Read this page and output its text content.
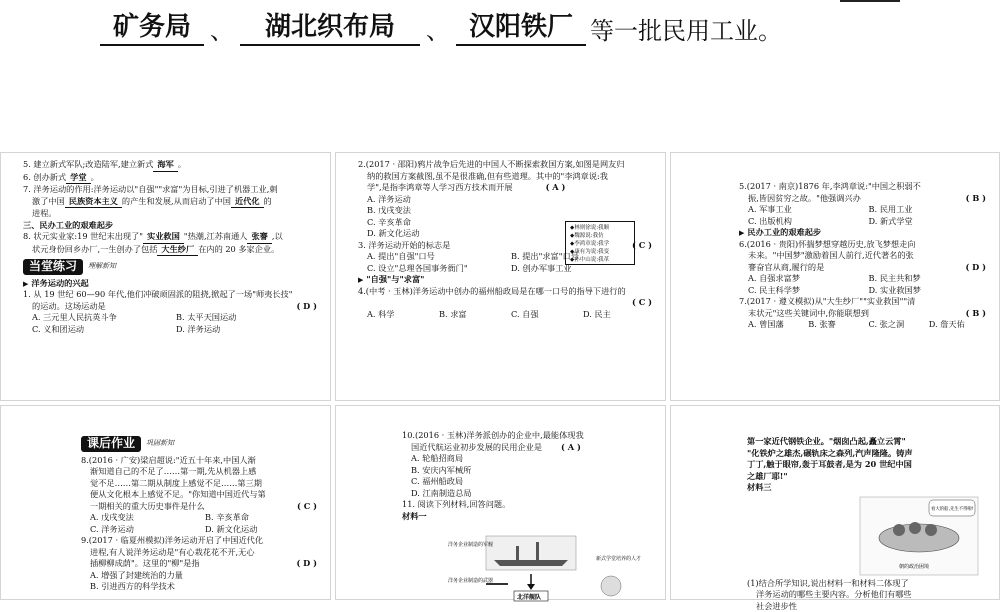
矿务局 、	湖北织布局	、 汉阳铁厂 等一批民用工业。
5. 建立新式军队;改造陆军,建立新式 海军 。
6. 创办新式 学堂 。
7. 洋务运动的作用:洋务运动以"自强""求富"为目标,引进了机器工业,刺
激了中国 民族资本主义 的产生和发展,从而启动了中国 近代化 的
进程。
三、民办工业的艰难起步
8. 状元实业家:19 世纪末出现了" 实业救国 "热潮,江苏南通人 张謇 ,以
状元身份回乡办厂,一生创办了包括 大生纱厂 在内的 20 多家企业。
当堂练习	理解新知
▶ 洋务运动的兴起
1. 从 19 世纪 60—90 年代,他们冲破顽固派的阻挠,掀起了一场"师夷长技"
的运动。这场运动是	( D )
A. 三元里人民抗英斗争	B. 太平天国运动
C. 义和团运动	D. 洋务运动
2.(2017 · 邵阳)鸦片战争后先进的中国人不断探索救国方案,如图是网友归
纳的救国方案截图,虽不是很准确,但有些道理。其中的"李鸿章说:我
学",是指李鸿章等人学习西方技术而开展	( A )
A. 洋务运动
B. 戊戌变法
C. 辛亥革命
D. 新文化运动	◆林则徐说:我顺
◆魏源说:我仿
◆李鸿章说:我学
◆康有为说:我变
◆孙中山说:我革
3. 洋务运动开始的标志是	( C )
A. 提出"自强"口号	B. 提出"求富"口号
C. 设立"总理各国事务衙门"	D. 创办军事工业
▶ "自强"与"求富"
4.(中考 · 玉林)洋务运动中创办的福州船政局是在哪一口号的指导下进行的
( C )

A. 科学	B. 求富	C. 自强	D. 民主
5.(2017 · 南京)1876 年,李鸿章说:"中国之积弱不
振,皆因贫穷之故。"他强调兴办	( B )
A. 军事工业	B. 民用工业
C. 出版机构	D. 新式学堂
▶ 民办工业的艰难起步
6.(2016 · 贵阳)怀揣梦想穿越历史,放飞梦想走向
未来。"中国梦"激励着国人前行,近代著名的张
謇奋官从商,履行的是	( D )
A. 自强求富梦	B. 民主共和梦
C. 民主科学梦	D. 实业救国梦
7.(2017 · 遵义模拟)从"大生纱厂""实业救国""清
末状元"这些关键词中,你能联想到	( B )
A. 曾国藩	B. 张謇	C. 张之洞	D. 詹天佑
课后作业	巩固新知
8.(2016 · 广安)梁启超说:"近五十年来,中国人渐
渐知道自己的不足了……第一期,先从机器上感
觉不足……第二期从制度上感觉不足……第三期
便从文化根本上感觉不足。"你知道中国近代与第
一期相关的重大历史事件是什么	( C )
A. 戊戌变法	B. 辛亥革命
C. 洋务运动	D. 新文化运动
9.(2017 · 临夏州模拟)洋务运动开启了中国近代化
进程,有人说洋务运动是"有心栽花花不开,无心
插柳柳成荫"。这里的"柳"是指	( D )
A. 增强了封建统治的力量
B. 引进西方的科学技术
10.(2016 · 玉林)洋务派创办的企业中,最能体现我
国近代航运业初步发展的民用企业是 ( A )
A. 轮船招商局
B. 安庆内军械所
C. 福州船政局
D. 江南制造总局
11. 阅读下列材料,回答问题。
材料一
洋务企业制造的军舰
洋务企业制造的武器
北洋舰队
新式学堂培养的人才
第一家近代钢铁企业。"烟囱凸起,矗立云霄"
"化铁炉之雄杰,碾轨床之森列,汽声隆隆。铸声
丁丁,触于眼帘,轰于耳鼓者,是为 20 世纪中国
之雄厂耶!"
材料三
看大的船,先生不得啦!
朝的政治困境
(1)结合所学知识,说出材料一和材料二体现了
洋务运动的哪些主要内容。分析他们有哪些
社会进步性
